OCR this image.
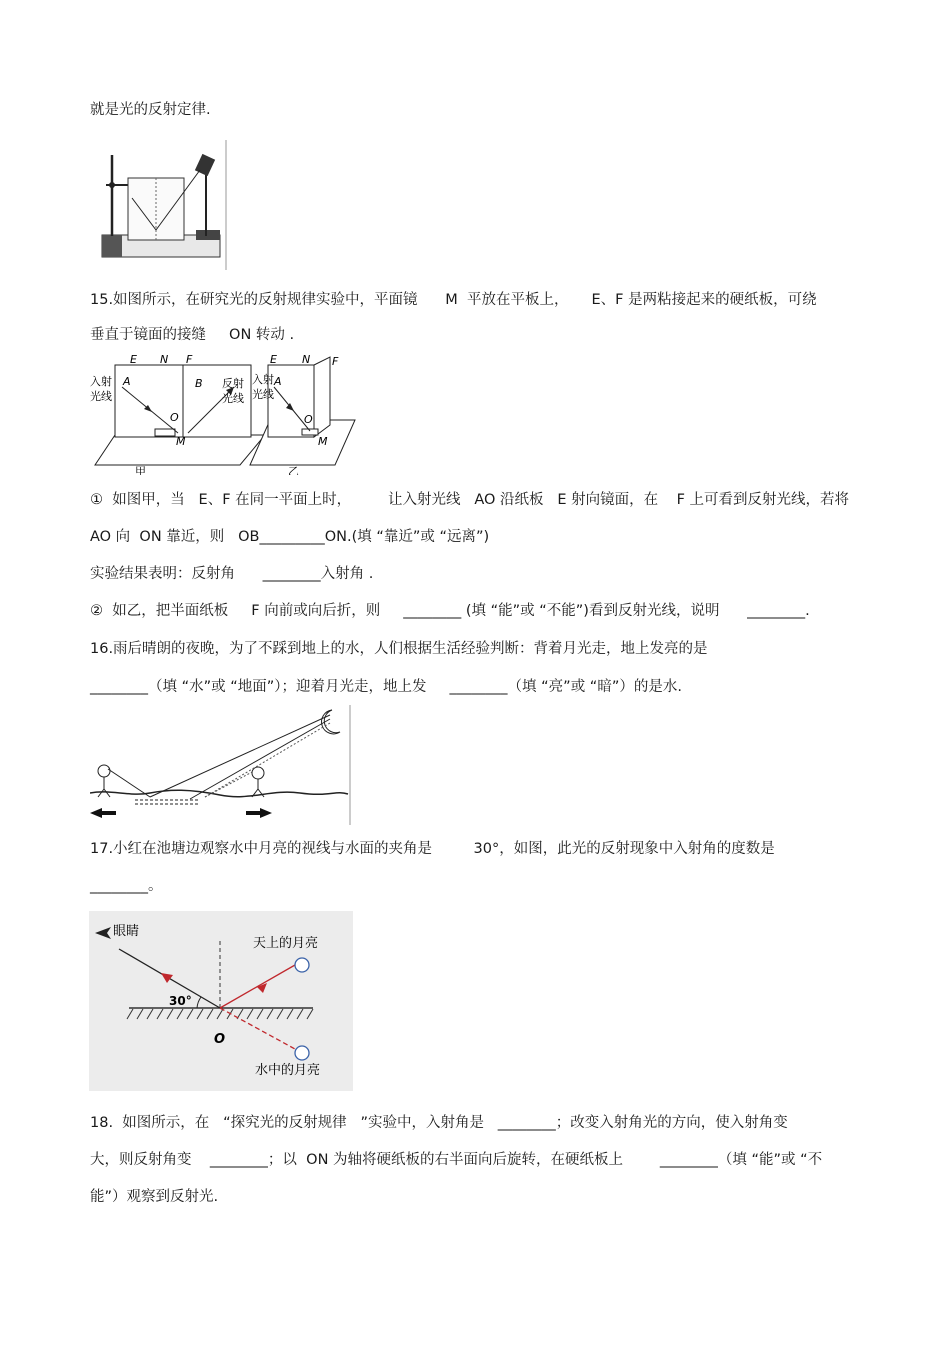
就是光的反射定律.
15.如图所示，在研究光的反射规律实验中，平面镜      M  平放在平板上，     E、F 是两粘接起来的硬纸板，可绕
垂直于镜面的接缝     ON 转动 .
E N F
A	B
O
M
入射
光线
反射
光线
甲
E N F
A
O
M
入射
光线
乙
①  如图甲，当   E、F 在同一平面上时，        让入射光线   AO 沿纸板   E 射向镜面，在    F 上可看到反射光线，若将
AO 向  ON 靠近，则   OB_________ON.(填 “靠近”或 “远离”)
实验结果表明：反射角      ________入射角 .
②  如乙，把半面纸板     F 向前或向后折，则     ________ (填 “能”或 “不能”)看到反射光线，说明      ________.
16.雨后晴朗的夜晚，为了不踩到地上的水，人们根据生活经验判断：背着月光走，地上发亮的是
________（填 “水”或 “地面”）；迎着月光走，地上发     ________（填 “亮”或 “暗”）的是水.
17.小红在池塘边观察水中月亮的视线与水面的夹角是         30°，如图，此光的反射现象中入射角的度数是
________。
眼睛
天上的月亮
水中的月亮
30°
O
18.  如图所示，在   “探究光的反射规律   ”实验中，入射角是   ________；改变入射角光的方向，使入射角变
大，则反射角变    ________；以  ON 为轴将硬纸板的右半面向后旋转，在硬纸板上        ________（填 “能”或 “不
能”）观察到反射光.
